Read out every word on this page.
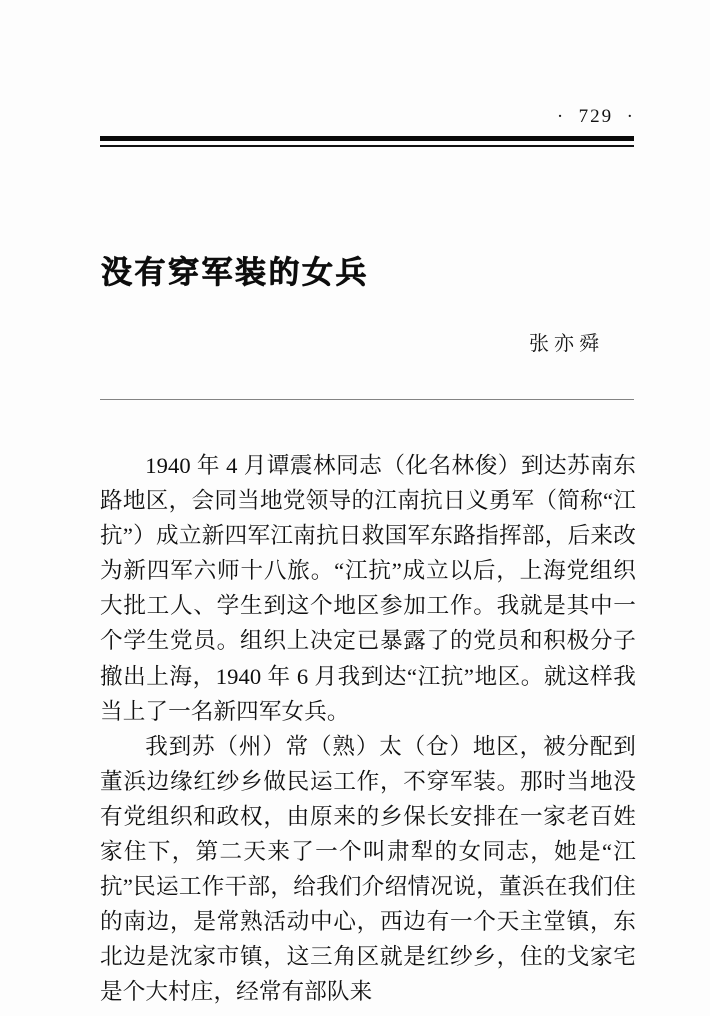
·  729  ·
没有穿军装的女兵
张亦舜

1940 年 4 月谭震林同志（化名林俊）到达苏南东路地区，会同当地党领导的江南抗日义勇军（简称“江抗”）成立新四军江南抗日救国军东路指挥部，后来改为新四军六师十八旅。“江抗”成立以后，上海党组织大批工人、学生到这个地区参加工作。我就是其中一个学生党员。组织上决定已暴露了的党员和积极分子撤出上海，1940 年 6 月我到达“江抗”地区。就这样我当上了一名新四军女兵。

我到苏（州）常（熟）太（仓）地区，被分配到董浜边缘红纱乡做民运工作，不穿军装。那时当地没有党组织和政权，由原来的乡保长安排在一家老百姓家住下，第二天来了一个叫肃犁的女同志，她是“江抗”民运工作干部，给我们介绍情况说，董浜在我们住的南边，是常熟活动中心，西边有一个天主堂镇，东北边是沈家市镇，这三角区就是红纱乡，住的戈家宅是个大村庄，经常有部队来
